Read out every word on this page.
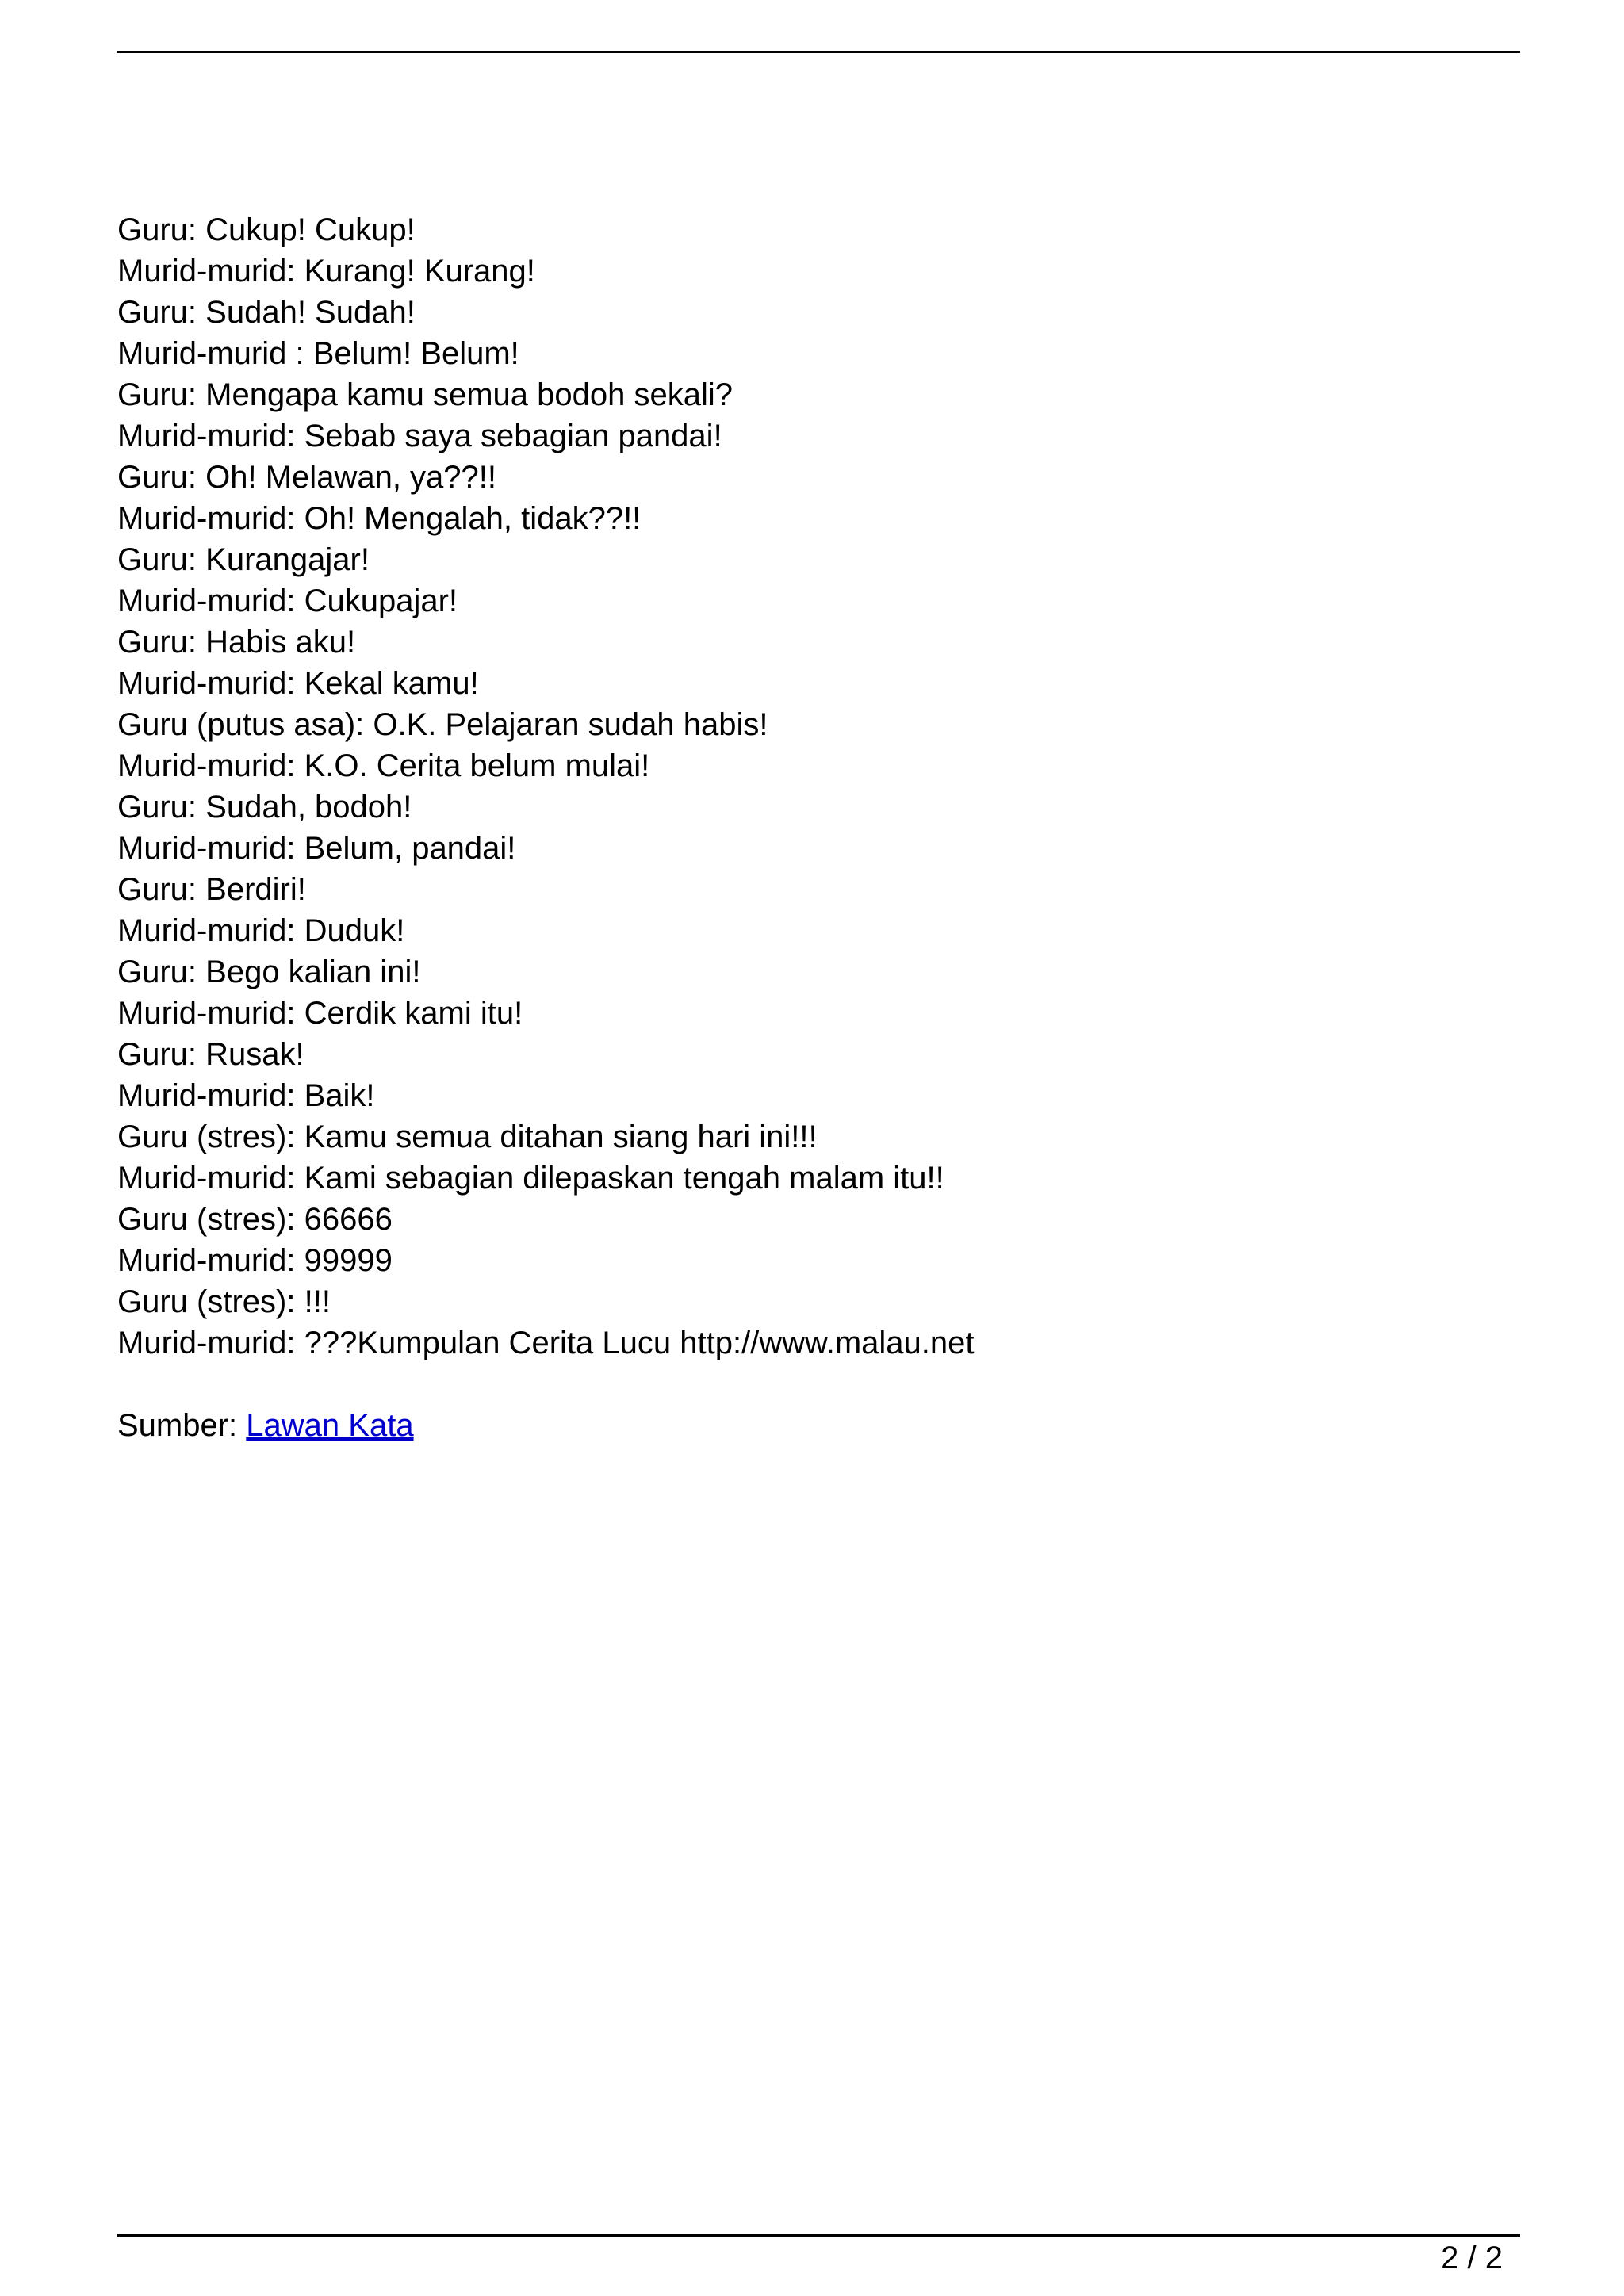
Guru: Cukup! Cukup!
Murid-murid: Kurang! Kurang!
Guru: Sudah! Sudah!
Murid-murid : Belum! Belum!
Guru: Mengapa kamu semua bodoh sekali?
Murid-murid: Sebab saya sebagian pandai!
Guru: Oh! Melawan, ya??!!
Murid-murid: Oh! Mengalah, tidak??!!
Guru: Kurangajar!
Murid-murid: Cukupajar!
Guru: Habis aku!
Murid-murid: Kekal kamu!
Guru (putus asa): O.K. Pelajaran sudah habis!
Murid-murid: K.O. Cerita belum mulai!
Guru: Sudah, bodoh!
Murid-murid: Belum, pandai!
Guru: Berdiri!
Murid-murid: Duduk!
Guru: Bego kalian ini!
Murid-murid: Cerdik kami itu!
Guru: Rusak!
Murid-murid: Baik!
Guru (stres): Kamu semua ditahan siang hari ini!!!
Murid-murid: Kami sebagian dilepaskan tengah malam itu!!
Guru (stres): 66666
Murid-murid: 99999
Guru (stres): !!!
Murid-murid: ???Kumpulan Cerita Lucu http://www.malau.net
Sumber: Lawan Kata
2 / 2
